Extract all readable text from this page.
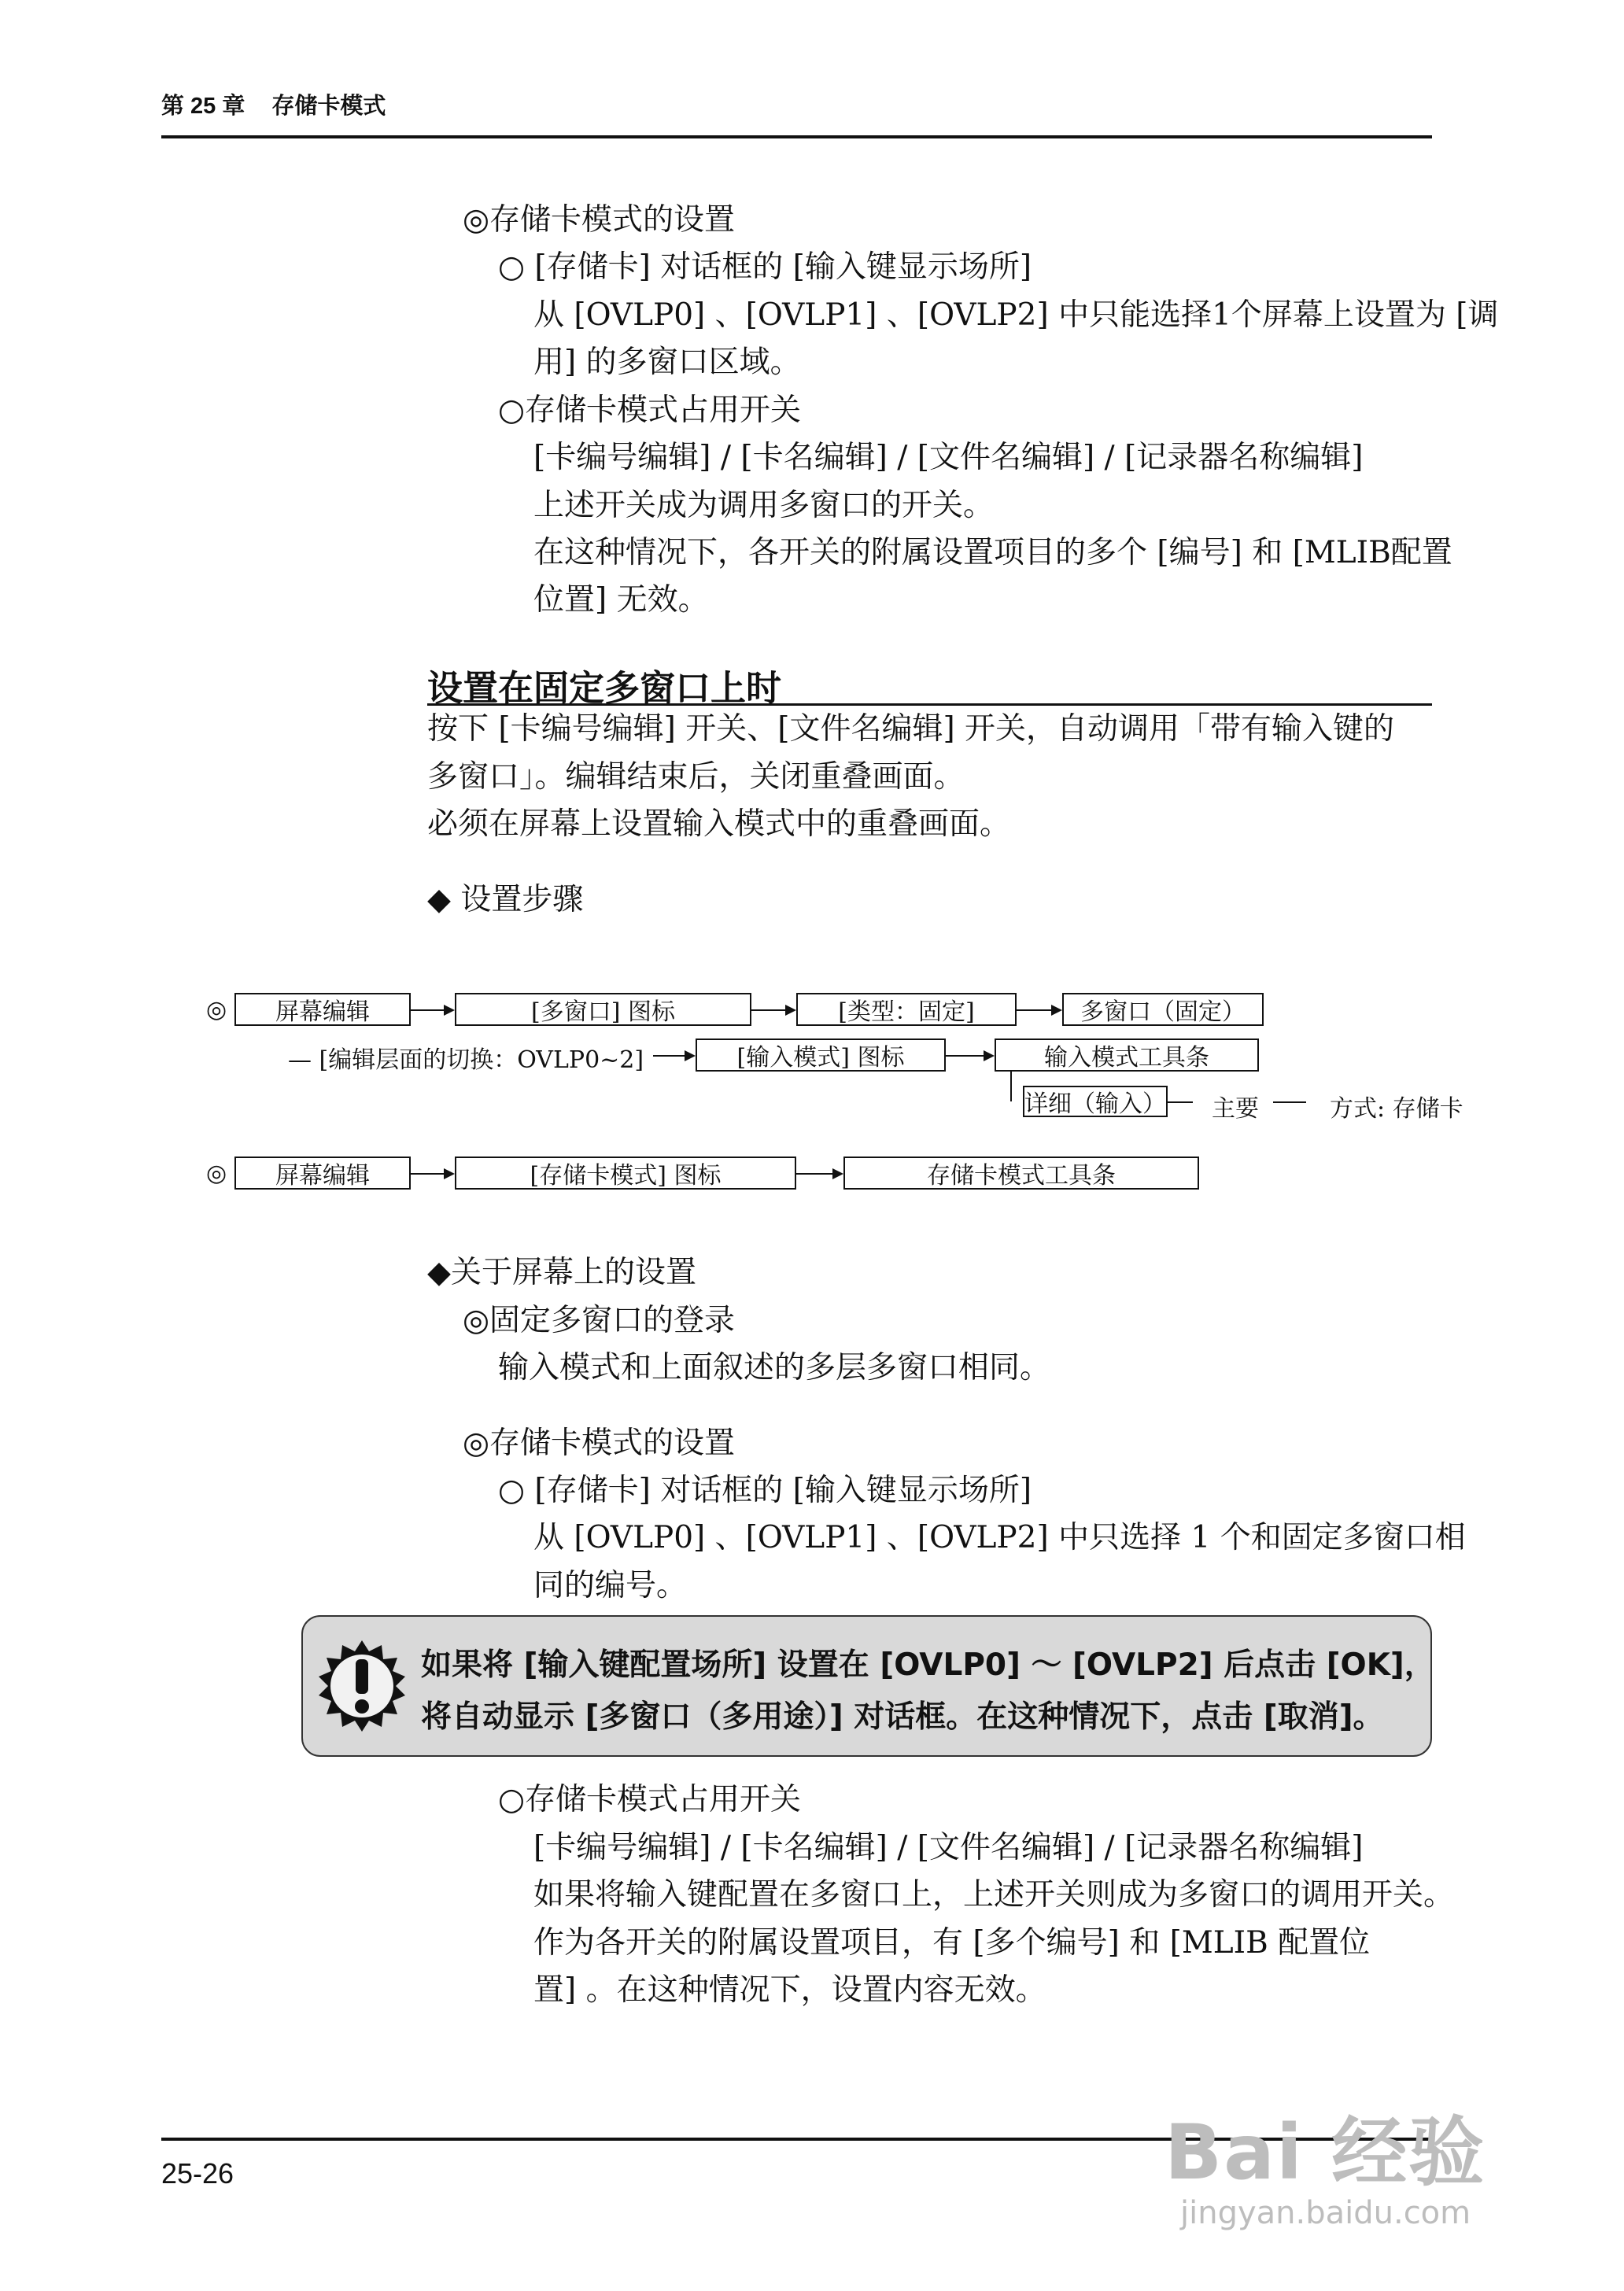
第 25 章 存储卡模式
◎存储卡模式的设置
○ [存储卡] 对话框的 [输入键显示场所]
从 [OVLP0] 、[OVLP1] 、[OVLP2] 中只能选择1个屏幕上设置为 [调
用] 的多窗口区域。
○存储卡模式占用开关
[卡编号编辑] / [卡名编辑] / [文件名编辑] / [记录器名称编辑]
上述开关成为调用多窗口的开关。
在这种情况下，各开关的附属设置项目的多个 [编号] 和 [MLIB配置
位置] 无效。
设置在固定多窗口上时
按下 [卡编号编辑] 开关、[文件名编辑] 开关，自动调用「带有输入键的
多窗口」。编辑结束后，关闭重叠画面。
必须在屏幕上设置输入模式中的重叠画面。
◆ 设置步骤
◎	屏幕编辑	[多窗口] 图标	[类型：固定]	多窗口（固定）
— [编辑层面的切换：OVLP0~2]	[输入模式] 图标	输入模式工具条
详细（输入） 主要	方式: 存储卡
◎	屏幕编辑	[存储卡模式] 图标	存储卡模式工具条
◆关于屏幕上的设置
◎固定多窗口的登录
输入模式和上面叙述的多层多窗口相同。
◎存储卡模式的设置
○ [存储卡] 对话框的 [输入键显示场所]
从 [OVLP0] 、[OVLP1] 、[OVLP2] 中只选择 1 个和固定多窗口相
同的编号。
如果将 [输入键配置场所] 设置在 [OVLP0] 〜 [OVLP2] 后点击 [OK]，
将自动显示 [多窗口（多用途）] 对话框。在这种情况下，点击 [取消]。
○存储卡模式占用开关
[卡编号编辑] / [卡名编辑] / [文件名编辑] / [记录器名称编辑]
如果将输入键配置在多窗口上，上述开关则成为多窗口的调用开关。
作为各开关的附属设置项目，有 [多个编号] 和 [MLIB 配置位
置] 。在这种情况下，设置内容无效。
25-26	Bai 经验
jingyan.baidu.com
